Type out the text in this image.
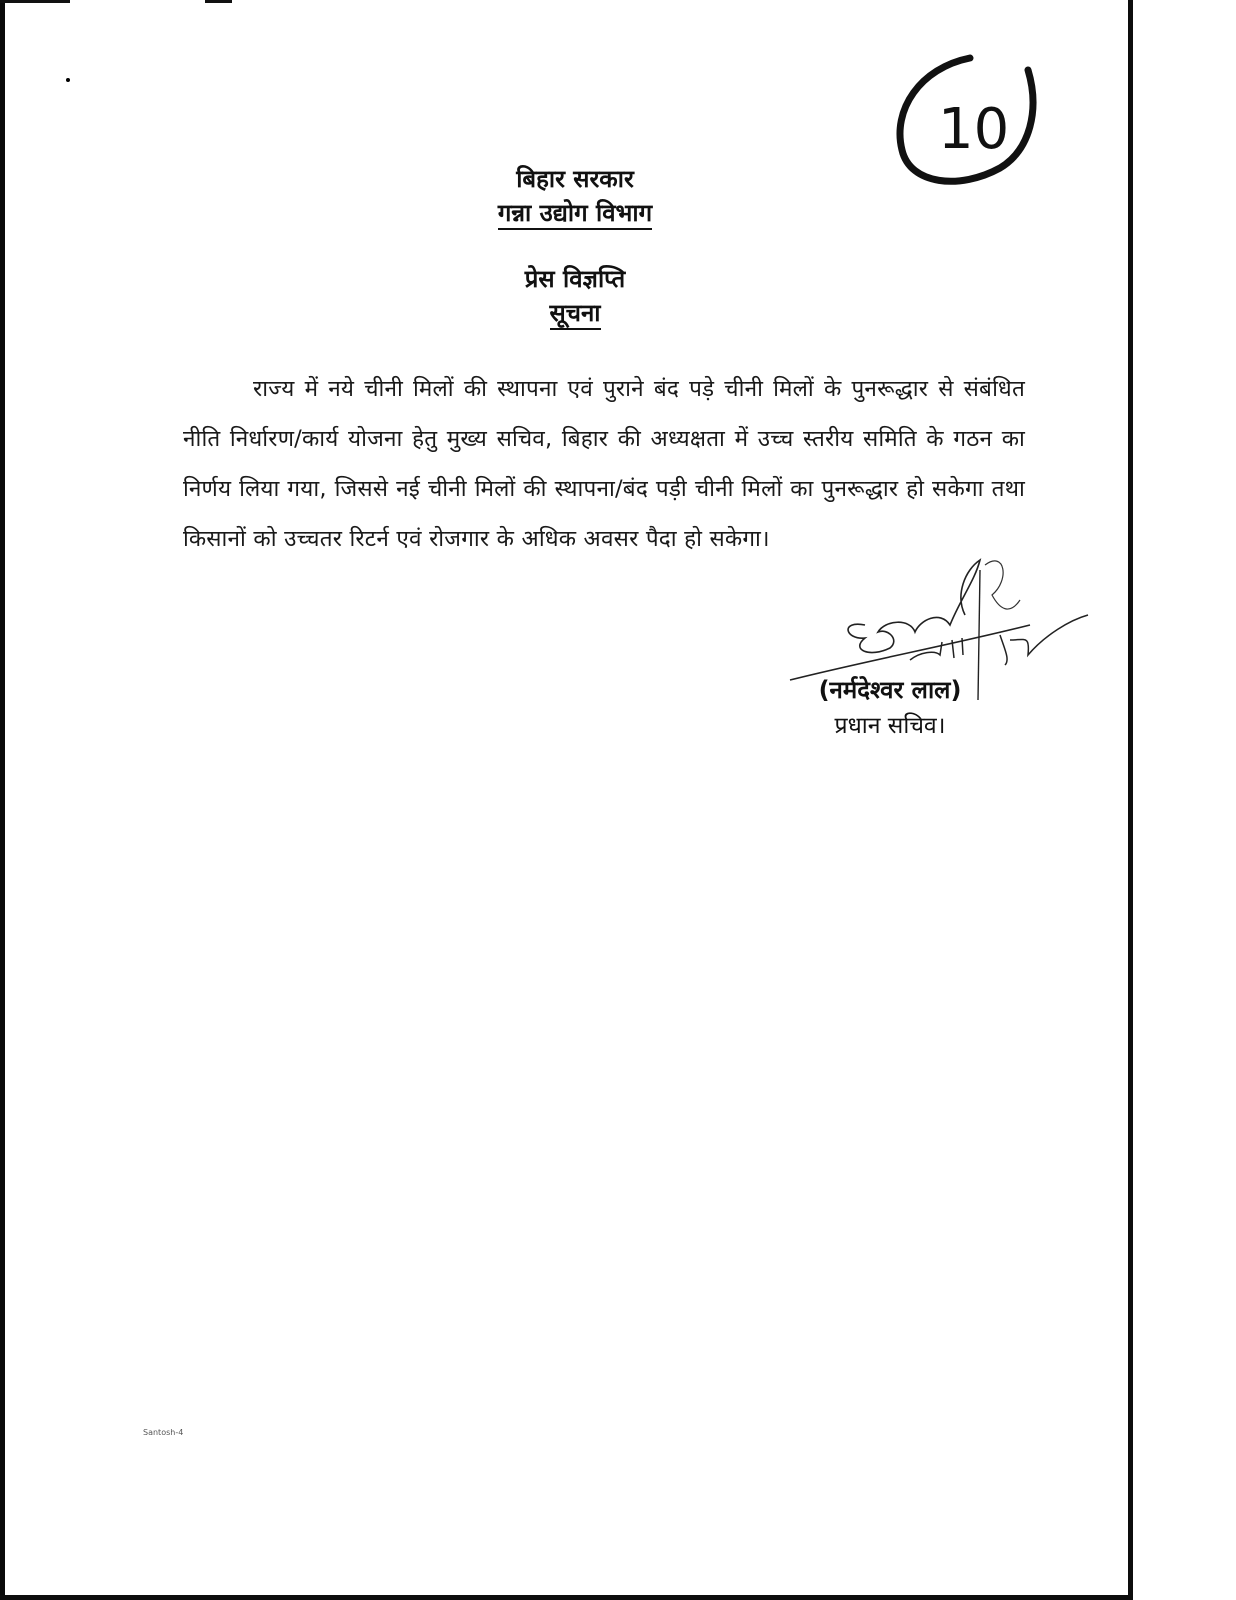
10
बिहार सरकार
गन्ना उद्योग विभाग
प्रेस विज्ञप्ति
सूचना
राज्य में नये चीनी मिलों की स्थापना एवं पुराने बंद पड़े चीनी मिलों के पुनरूद्धार से संबंधित नीति निर्धारण/कार्य योजना हेतु मुख्य सचिव, बिहार की अध्यक्षता में उच्च स्तरीय समिति के गठन का निर्णय लिया गया, जिससे नई चीनी मिलों की स्थापना/बंद पड़ी चीनी मिलों का पुनरूद्धार हो सकेगा तथा किसानों को उच्चतर रिटर्न एवं रोजगार के अधिक अवसर पैदा हो सकेगा।
(नर्मदेश्वर लाल)
प्रधान सचिव।
Santosh-4
